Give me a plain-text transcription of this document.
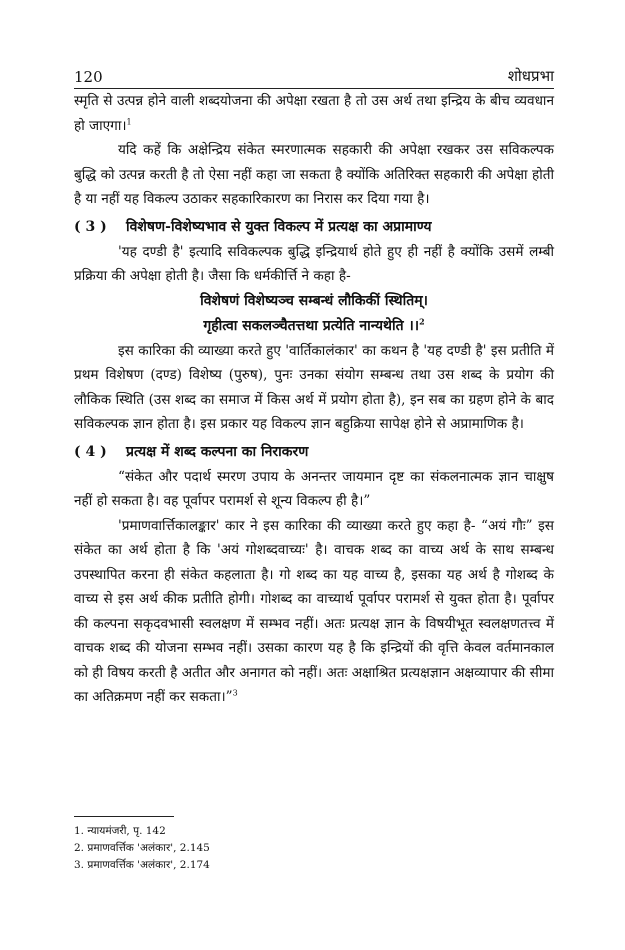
120	शोधप्रभा

स्मृति से उत्पन्न होने वाली शब्दयोजना की अपेक्षा रखता है तो उस अर्थ तथा इन्द्रिय के बीच व्यवधान हो जाएगा।$^1$

यदि कहें कि अक्षेन्द्रिय संकेत स्मरणात्मक सहकारी की अपेक्षा रखकर उस सविकल्पक बुद्धि को उत्पन्न करती है तो ऐसा नहीं कहा जा सकता है क्योंकि अतिरिक्त सहकारी की अपेक्षा होती है या नहीं यह विकल्प उठाकर सहकारिकारण का निरास कर दिया गया है।

( 3 )	विशेषण-विशेष्यभाव से युक्त विकल्प में प्रत्यक्ष का अप्रामाण्य

'यह दण्डी है' इत्यादि सविकल्पक बुद्धि इन्द्रियार्थ होते हुए ही नहीं है क्योंकि उसमें लम्बी प्रक्रिया की अपेक्षा होती है। जैसा कि धर्मकीर्त्ति ने कहा है-

विशेषणं विशेष्यञ्च सम्बन्धं लौकिकीं स्थितिम्।
गृहीत्वा सकलञ्चैतत्तथा प्रत्येति नान्यथेति ।।$^2$

इस कारिका की व्याख्या करते हुए 'वार्तिकालंकार' का कथन है 'यह दण्डी है' इस प्रतीति में प्रथम विशेषण (दण्ड) विशेष्य (पुरुष), पुनः उनका संयोग सम्बन्ध तथा उस शब्द के प्रयोग की लौकिक स्थिति (उस शब्द का समाज में किस अर्थ में प्रयोग होता है), इन सब का ग्रहण होने के बाद सविकल्पक ज्ञान होता है। इस प्रकार यह विकल्प ज्ञान बहुक्रिया सापेक्ष होने से अप्रामाणिक है।

( 4 )	प्रत्यक्ष में शब्द कल्पना का निराकरण

“संकेत और पदार्थ स्मरण उपाय के अनन्तर जायमान दृष्ट का संकलनात्मक ज्ञान चाक्षुष नहीं हो सकता है। वह पूर्वापर परामर्श से शून्य विकल्प ही है।”

'प्रमाणवार्त्तिकालङ्कार' कार ने इस कारिका की व्याख्या करते हुए कहा है- “अयं गौः” इस संकेत का अर्थ होता है कि 'अयं गोशब्दवाच्यः' है। वाचक शब्द का वाच्य अर्थ के साथ सम्बन्ध उपस्थापित करना ही संकेत कहलाता है। गो शब्द का यह वाच्य है, इसका यह अर्थ है गोशब्द के वाच्य से इस अर्थ कीक प्रतीति होगी। गोशब्द का वाच्यार्थ पूर्वापर परामर्श से युक्त होता है। पूर्वापर की कल्पना सकृदवभासी स्वलक्षण में सम्भव नहीं। अतः प्रत्यक्ष ज्ञान के विषयीभूत स्वलक्षणतत्त्व में वाचक शब्द की योजना सम्भव नहीं। उसका कारण यह है कि इन्द्रियों की वृत्ति केवल वर्तमानकाल को ही विषय करती है अतीत और अनागत को नहीं। अतः अक्षाश्रित प्रत्यक्षज्ञान अक्षव्यापार की सीमा का अतिक्रमण नहीं कर सकता।”$^3$

1. न्यायमंजरी, पृ. 142
2. प्रमाणवर्त्तिक 'अलंकार', 2.145
3. प्रमाणवर्त्तिक 'अलंकार', 2.174
